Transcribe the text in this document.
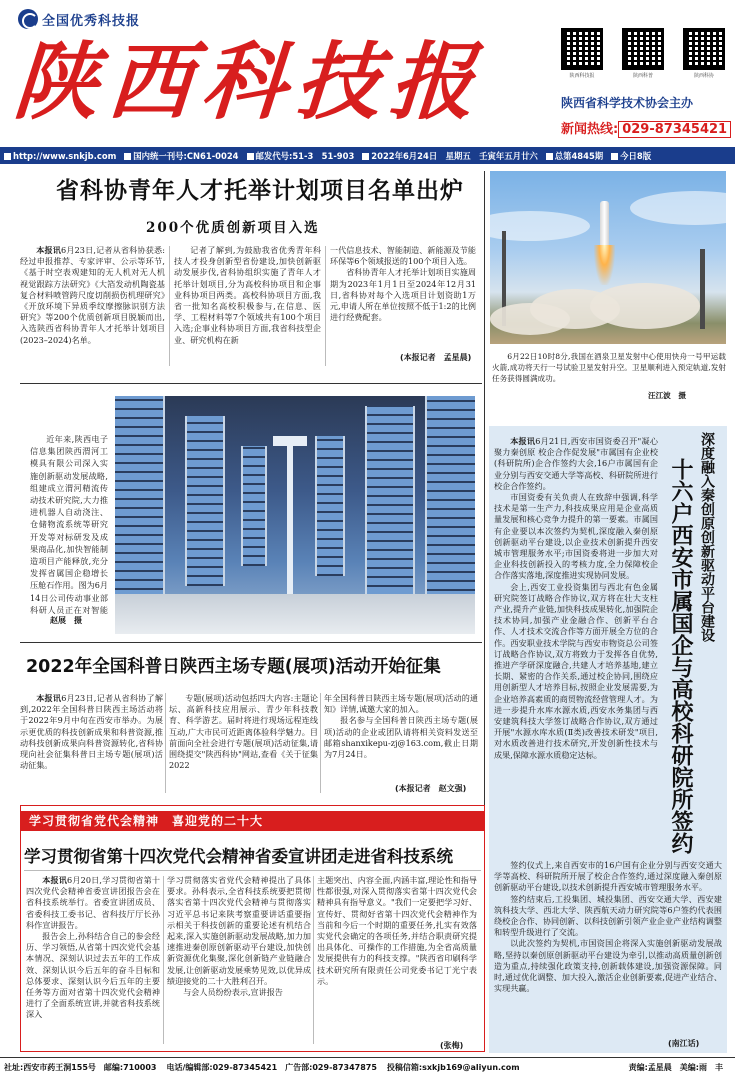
全国优秀科技报
陕西科技报	陕西科技报	陕西科普	陕西科协
陕西省科学技术协会主办
新闻热线: 029-87345421
http://www.snkjb.com	国内统一刊号:CN61-0024	邮发代号:51-3　51-903	2022年6月24日　星期五　壬寅年五月廿六	总第4845期	今日8版
省科协青年人才托举计划项目名单出炉
200个优质创新项目入选
本报讯6月23日,记者从省科协获悉:经过申报推荐、专家评审、公示等环节,《基于时空表观建知的无人机对无人机视觉跟踪方法研究》《大箔发动机陶瓷基复合材料喷管跨尺度切削损伤机理研究》《开放环境下异质季纹摩擦脉识别方法研究》等200个优质创新项目脱颖而出,入选陕西省科协青年人才托举计划项目(2023–2024)名单。
记者了解到,为鼓励我省优秀青年科技人才投身创新型省份建设,加快创新驱动发展步伐,省科协组织实施了青年人才托举计划项目,分为高校科协项目和企事业科协项目两类。高校科协项目方面,我省一批知名高校积极参与,在信息、医学、工程材料等7个领域共有100个项目入选;企事业科协项目方面,我省科技型企业、研究机构在新
一代信息技术、智能制造、新能源及节能环保等6个领域报送的100个项目入选。
省科协青年人才托举计划项目实施周期为2023年1月1日至2024年12月31日,省科协对每个入选项目计划资助1万元,申请人所在单位按照不低于1:2的比例进行经费配套。
(本报记者　孟星晨)	6月22日10时8分,我国在酒泉卫星发射中心使用快舟一号甲运载火箭,成功将天行一号试验卫星发射升空。卫星顺利进入预定轨道,发射任务获得圆满成功。
汪江波　摄
近年来,陕西电子信息集团陕西渭河工模具有限公司深入实施创新驱动发展战略,组建成立渭河精流传动技术研究院,大力推进机器人自动浇注、仓储物流系统等研究开发等对标研发及成果商品化,加快智能制造项目产能释放,充分发挥省属国企稳增长压舱石作用。图为6月14日公司传动事业部科研人员正在对智能
赵展　摄
2022年全国科普日陕西主场专题(展项)活动开始征集
本报讯6月23日,记者从省科协了解到,2022年全国科普日陕西主场活动将于2022年9月中旬在西安市举办。为展示更优质的科技创新成果和科普资源,推动科技创新成果向科普资源转化,省科协现向社会征集科普日主场专题(展项)活动征集。
专题(展项)活动包括四大内容:主题论坛、高新科技应用展示、青少年科技教育、科学游艺。届时将进行现场远程连线互动,广大市民可近距离体验科学魅力。目前面向全社会进行专题(展项)活动征集,请围绕提交"陕西科协"网站,查看《关于征集2022
年全国科普日陕西主场专题(展项)活动的通知》详情,诚邀大家的加入。
报名参与全国科普日陕西主场专题(展项)活动的企业或团队请将相关资料发送至邮箱shanxikepu-zj@163.com,截止日期为7月24日。
(本报记者　赵文强)
学习贯彻省党代会精神　喜迎党的二十大
学习贯彻省第十四次党代会精神省委宣讲团走进省科技系统
本报讯6月20日,学习贯彻省第十四次党代会精神省委宣讲团报告会在省科技系统举行。省委宣讲团成员、省委科技工委书记、省科技厅厅长孙科作宣讲报告。
报告会上,孙科结合自己的参会经历、学习领悟,从省第十四次党代会基本情况、深刻认识过去五年的工作成效、深刻认识今后五年的奋斗目标和总体要求、深刻认识今后五年的主要任务等方面对省第十四次党代会精神进行了全面系统宣讲,并就省科技系统深入
学习贯彻落实省党代会精神提出了具体要求。孙科表示,全省科技系统要把贯彻落实省第十四次党代会精神与贯彻落实习近平总书记来陕考察重要讲话重要指示相关于科技创新的重要论述有机结合起来,深入实施创新驱动发展战略,加力加速推进秦创原创新驱动平台建设,加快创新资源优化集聚,深化创新链产业链融合发展,让创新驱动发展乘势见效,以优异成绩迎接党的二十大胜利召开。
与会人员纷纷表示,宣讲报告
主题突出、内容全面,内涵丰富,理论性和指导性都很强,对深入贯彻落实省第十四次党代会精神具有指导意义。"我们一定要把学习好、宣传好、贯彻好省第十四次党代会精神作为当前和今后一个时期的重要任务,扎实有效落实党代会确定的各项任务,并结合职责研究提出具体化、可操作的工作措施,为全省高质量发展提供有力的科技支撑。"陕西省印刷科学技术研究所有限责任公司党委书记丁光宁表示。
(张梅)
深度融入秦创原创新驱动平台建设
十六户西安市属国企与高校科研院所签约
本报讯6月21日,西安市国资委召开"凝心聚力秦创原 校企合作促发展"市属国有企业校(科研院所)企合作签约大会,16户市属国有企业分别与西安交通大学等高校、科研院所进行校企合作签约。
市国资委有关负责人在致辞中强调,科学技术是第一生产力,科技成果应用是企业高质量发展和核心竞争力提升的第一要素。市属国有企业要以本次签约为契机,深度融入秦创原创新驱动平台建设,以企业技术创新提升西安城市管理服务水平;市国资委将进一步加大对企业科技创新投入的考核力度,全力保障校企合作落实落地,深度推进实现协同发展。
会上,西安工业投资集团与西北有色金属研究院签订战略合作协议,双方将在壮大支柱产业,提升产业链,加快科技成果转化,加强院企技术协同,加强产业金融合作、创新平台合作、人才技术交流合作等方面开展全方位的合作。西安职业技术学院与西安市物资总公司签订战略合作协议,双方将致力于发挥各自优势,推进产学研深度融合,共建人才培养基地,建立长期、紧密的合作关系,通过校企协同,围绕应用创新型人才培养目标,按照企业发展需要,为企业培养高素质的商贸物流经营管理人才。为进一步提升水库水源水质,西安水务集团与西安建筑科技大学签订战略合作协议,双方通过开展"水源水库水质(Ⅱ类)改善技术研发"项目,对水质改善进行技术研究,开发创新性技术与成果,保障水源水质稳定达标。
签约仪式上,来自西安市的16户国有企业分别与西安交通大学等高校、科研院所开展了校企合作签约,通过深度融入秦创原创新驱动平台建设,以技术创新提升西安城市管理服务水平。
签约结束后,工投集团、城投集团、西安交通大学、西安建筑科技大学、西北大学、陕西航天动力研究院等6户签约代表围绕校企合作、协同创新、以科技创新引领产业企业产业结构调整和转型升级进行了交流。
以此次签约为契机,市国资国企将深入实施创新驱动发展战略,坚持以秦创原创新驱动平台建设为牵引,以推动高质量创新创造为重点,持续强化政策支持,创新载体建设,加强资源保障。同时,通过优化调整、加大投入,激活企业创新要素,促进产业结合、实现共赢。
(南江话)
社址:西安市药王洞155号　邮编:710003 电话/编辑部:029-87345421　广告部:029-87347875 投稿信箱:sxkjb169@aliyun.com	责编:孟星晨　美编:雨　丰
